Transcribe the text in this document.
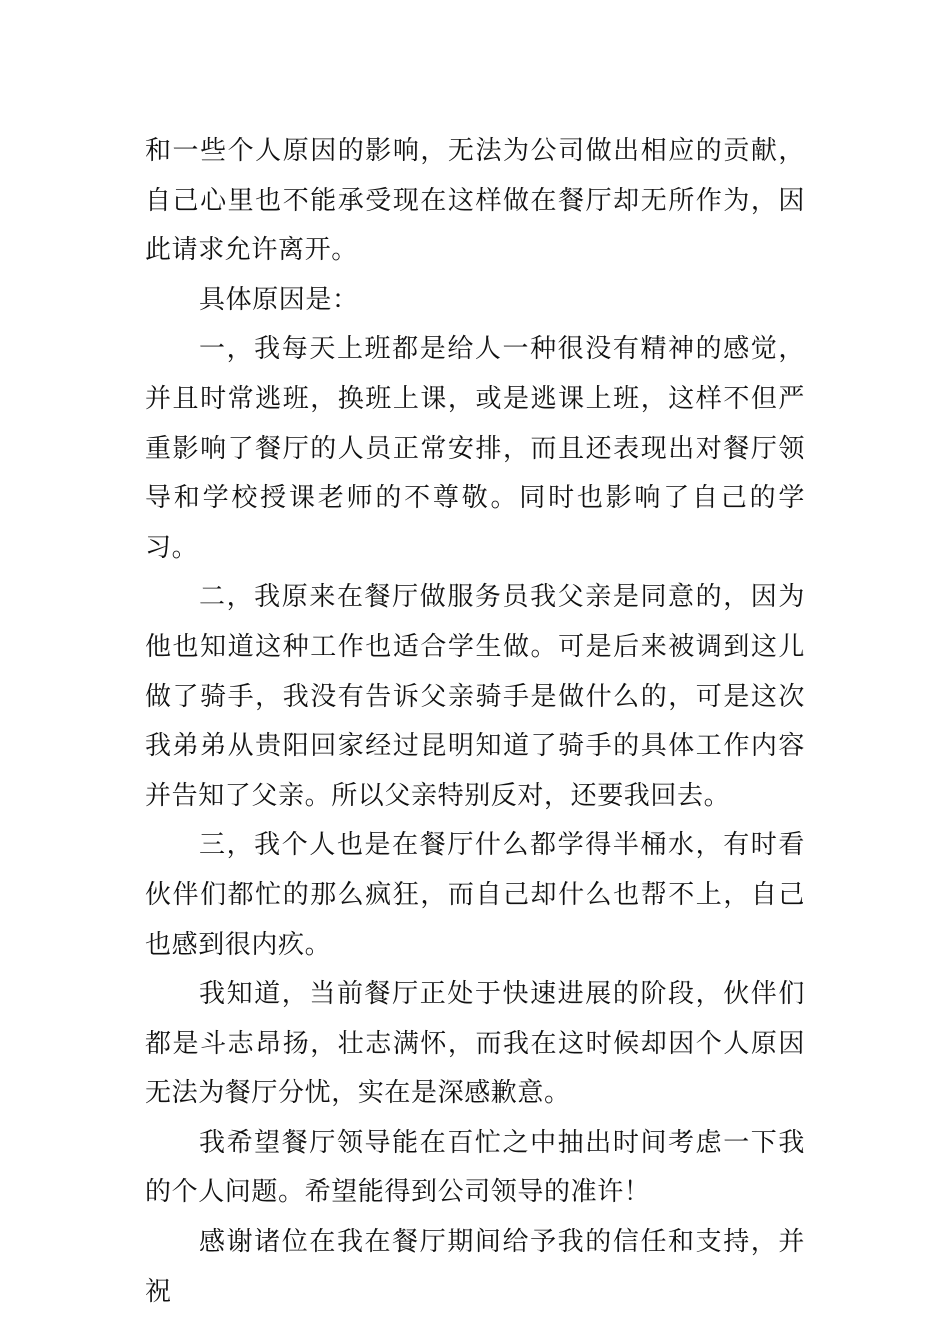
和一些个人原因的影响，无法为公司做出相应的贡献，自己心里也不能承受现在这样做在餐厅却无所作为，因此请求允许离开。

具体原因是：

一，我每天上班都是给人一种很没有精神的感觉，并且时常逃班，换班上课，或是逃课上班，这样不但严重影响了餐厅的人员正常安排，而且还表现出对餐厅领导和学校授课老师的不尊敬。同时也影响了自己的学习。

二，我原来在餐厅做服务员我父亲是同意的，因为他也知道这种工作也适合学生做。可是后来被调到这儿做了骑手，我没有告诉父亲骑手是做什么的，可是这次我弟弟从贵阳回家经过昆明知道了骑手的具体工作内容并告知了父亲。所以父亲特别反对，还要我回去。

三，我个人也是在餐厅什么都学得半桶水，有时看伙伴们都忙的那么疯狂，而自己却什么也帮不上，自己也感到很内疚。

我知道，当前餐厅正处于快速进展的阶段，伙伴们都是斗志昂扬，壮志满怀，而我在这时候却因个人原因无法为餐厅分忧，实在是深感歉意。

我希望餐厅领导能在百忙之中抽出时间考虑一下我的个人问题。希望能得到公司领导的准许！

感谢诸位在我在餐厅期间给予我的信任和支持，并祝
